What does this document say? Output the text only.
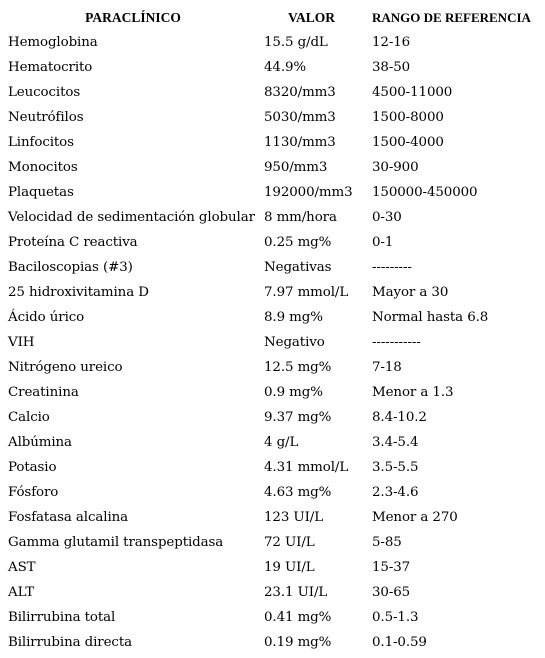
PARACLÍNICO	VALOR	RANGO DE REFERENCIA
Hemoglobina	15.5 g/dL	12-16
Hematocrito	44.9%	38-50
Leucocitos	8320/mm3	4500-11000
Neutrófilos	5030/mm3	1500-8000
Linfocitos	1130/mm3	1500-4000
Monocitos	950/mm3	30-900
Plaquetas	192000/mm3	150000-450000
Velocidad de sedimentación globular	8 mm/hora	0-30
Proteína C reactiva	0.25 mg%	0-1
Baciloscopias (#3)	Negativas	---------
25 hidroxivitamina D	7.97 mmol/L	Mayor a 30
Ácido úrico	8.9 mg%	Normal hasta 6.8
VIH	Negativo	-----------
Nitrógeno ureico	12.5 mg%	7-18
Creatinina	0.9 mg%	Menor a 1.3
Calcio	9.37 mg%	8.4-10.2
Albúmina	4 g/L	3.4-5.4
Potasio	4.31 mmol/L	3.5-5.5
Fósforo	4.63 mg%	2.3-4.6
Fosfatasa alcalina	123 UI/L	Menor a 270
Gamma glutamil transpeptidasa	72 UI/L	5-85
AST	19 UI/L	15-37
ALT	23.1 UI/L	30-65
Bilirrubina total	0.41 mg%	0.5-1.3
Bilirrubina directa	0.19 mg%	0.1-0.59
